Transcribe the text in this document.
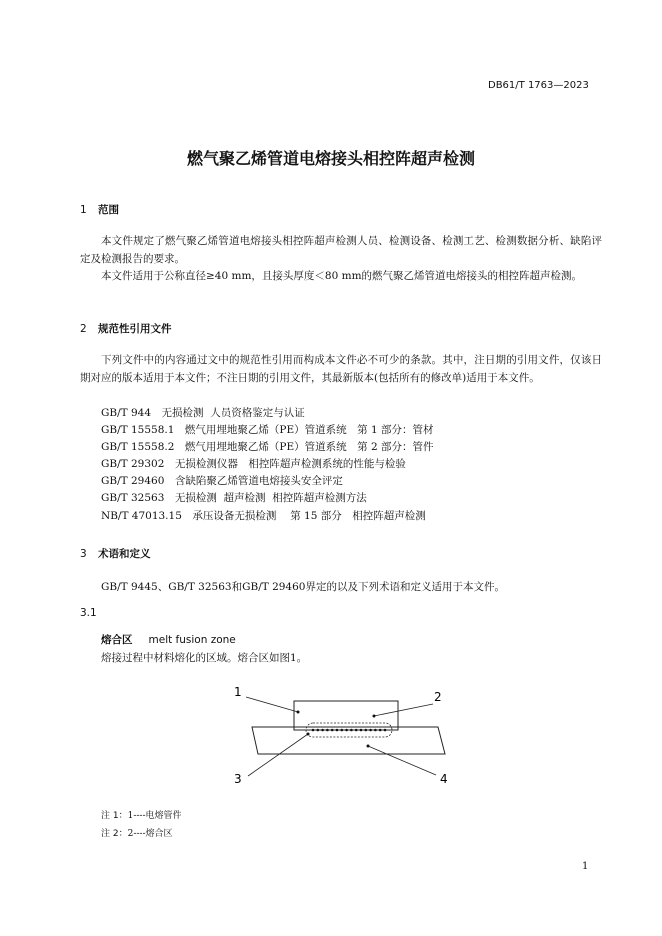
DB61/T 1763—2023
燃气聚乙烯管道电熔接头相控阵超声检测
1 范围
本文件规定了燃气聚乙烯管道电熔接头相控阵超声检测人员、检测设备、检测工艺、检测数据分析、缺陷评定及检测报告的要求。
本文件适用于公称直径≥40 mm，且接头厚度＜80 mm的燃气聚乙烯管道电熔接头的相控阵超声检测。
2 规范性引用文件
下列文件中的内容通过文中的规范性引用而构成本文件必不可少的条款。其中，注日期的引用文件，仅该日期对应的版本适用于本文件；不注日期的引用文件，其最新版本(包括所有的修改单)适用于本文件。
GB/T 944　无损检测  人员资格鉴定与认证
GB/T 15558.1　燃气用埋地聚乙烯（PE）管道系统　第 1 部分：管材
GB/T 15558.2　燃气用埋地聚乙烯（PE）管道系统　第 2 部分：管件
GB/T 29302　无损检测仪器　相控阵超声检测系统的性能与检验
GB/T 29460　含缺陷聚乙烯管道电熔接头安全评定
GB/T 32563　无损检测  超声检测  相控阵超声检测方法
NB/T 47013.15　承压设备无损检测　 第 15 部分　相控阵超声检测
3 术语和定义
GB/T 9445、GB/T 32563和GB/T 29460界定的以及下列术语和定义适用于本文件。
3.1
熔合区 melt fusion zone
熔接过程中材料熔化的区域。熔合区如图1。
1	2
3	4
注 1：1----电熔管件
注 2：2----熔合区
1
